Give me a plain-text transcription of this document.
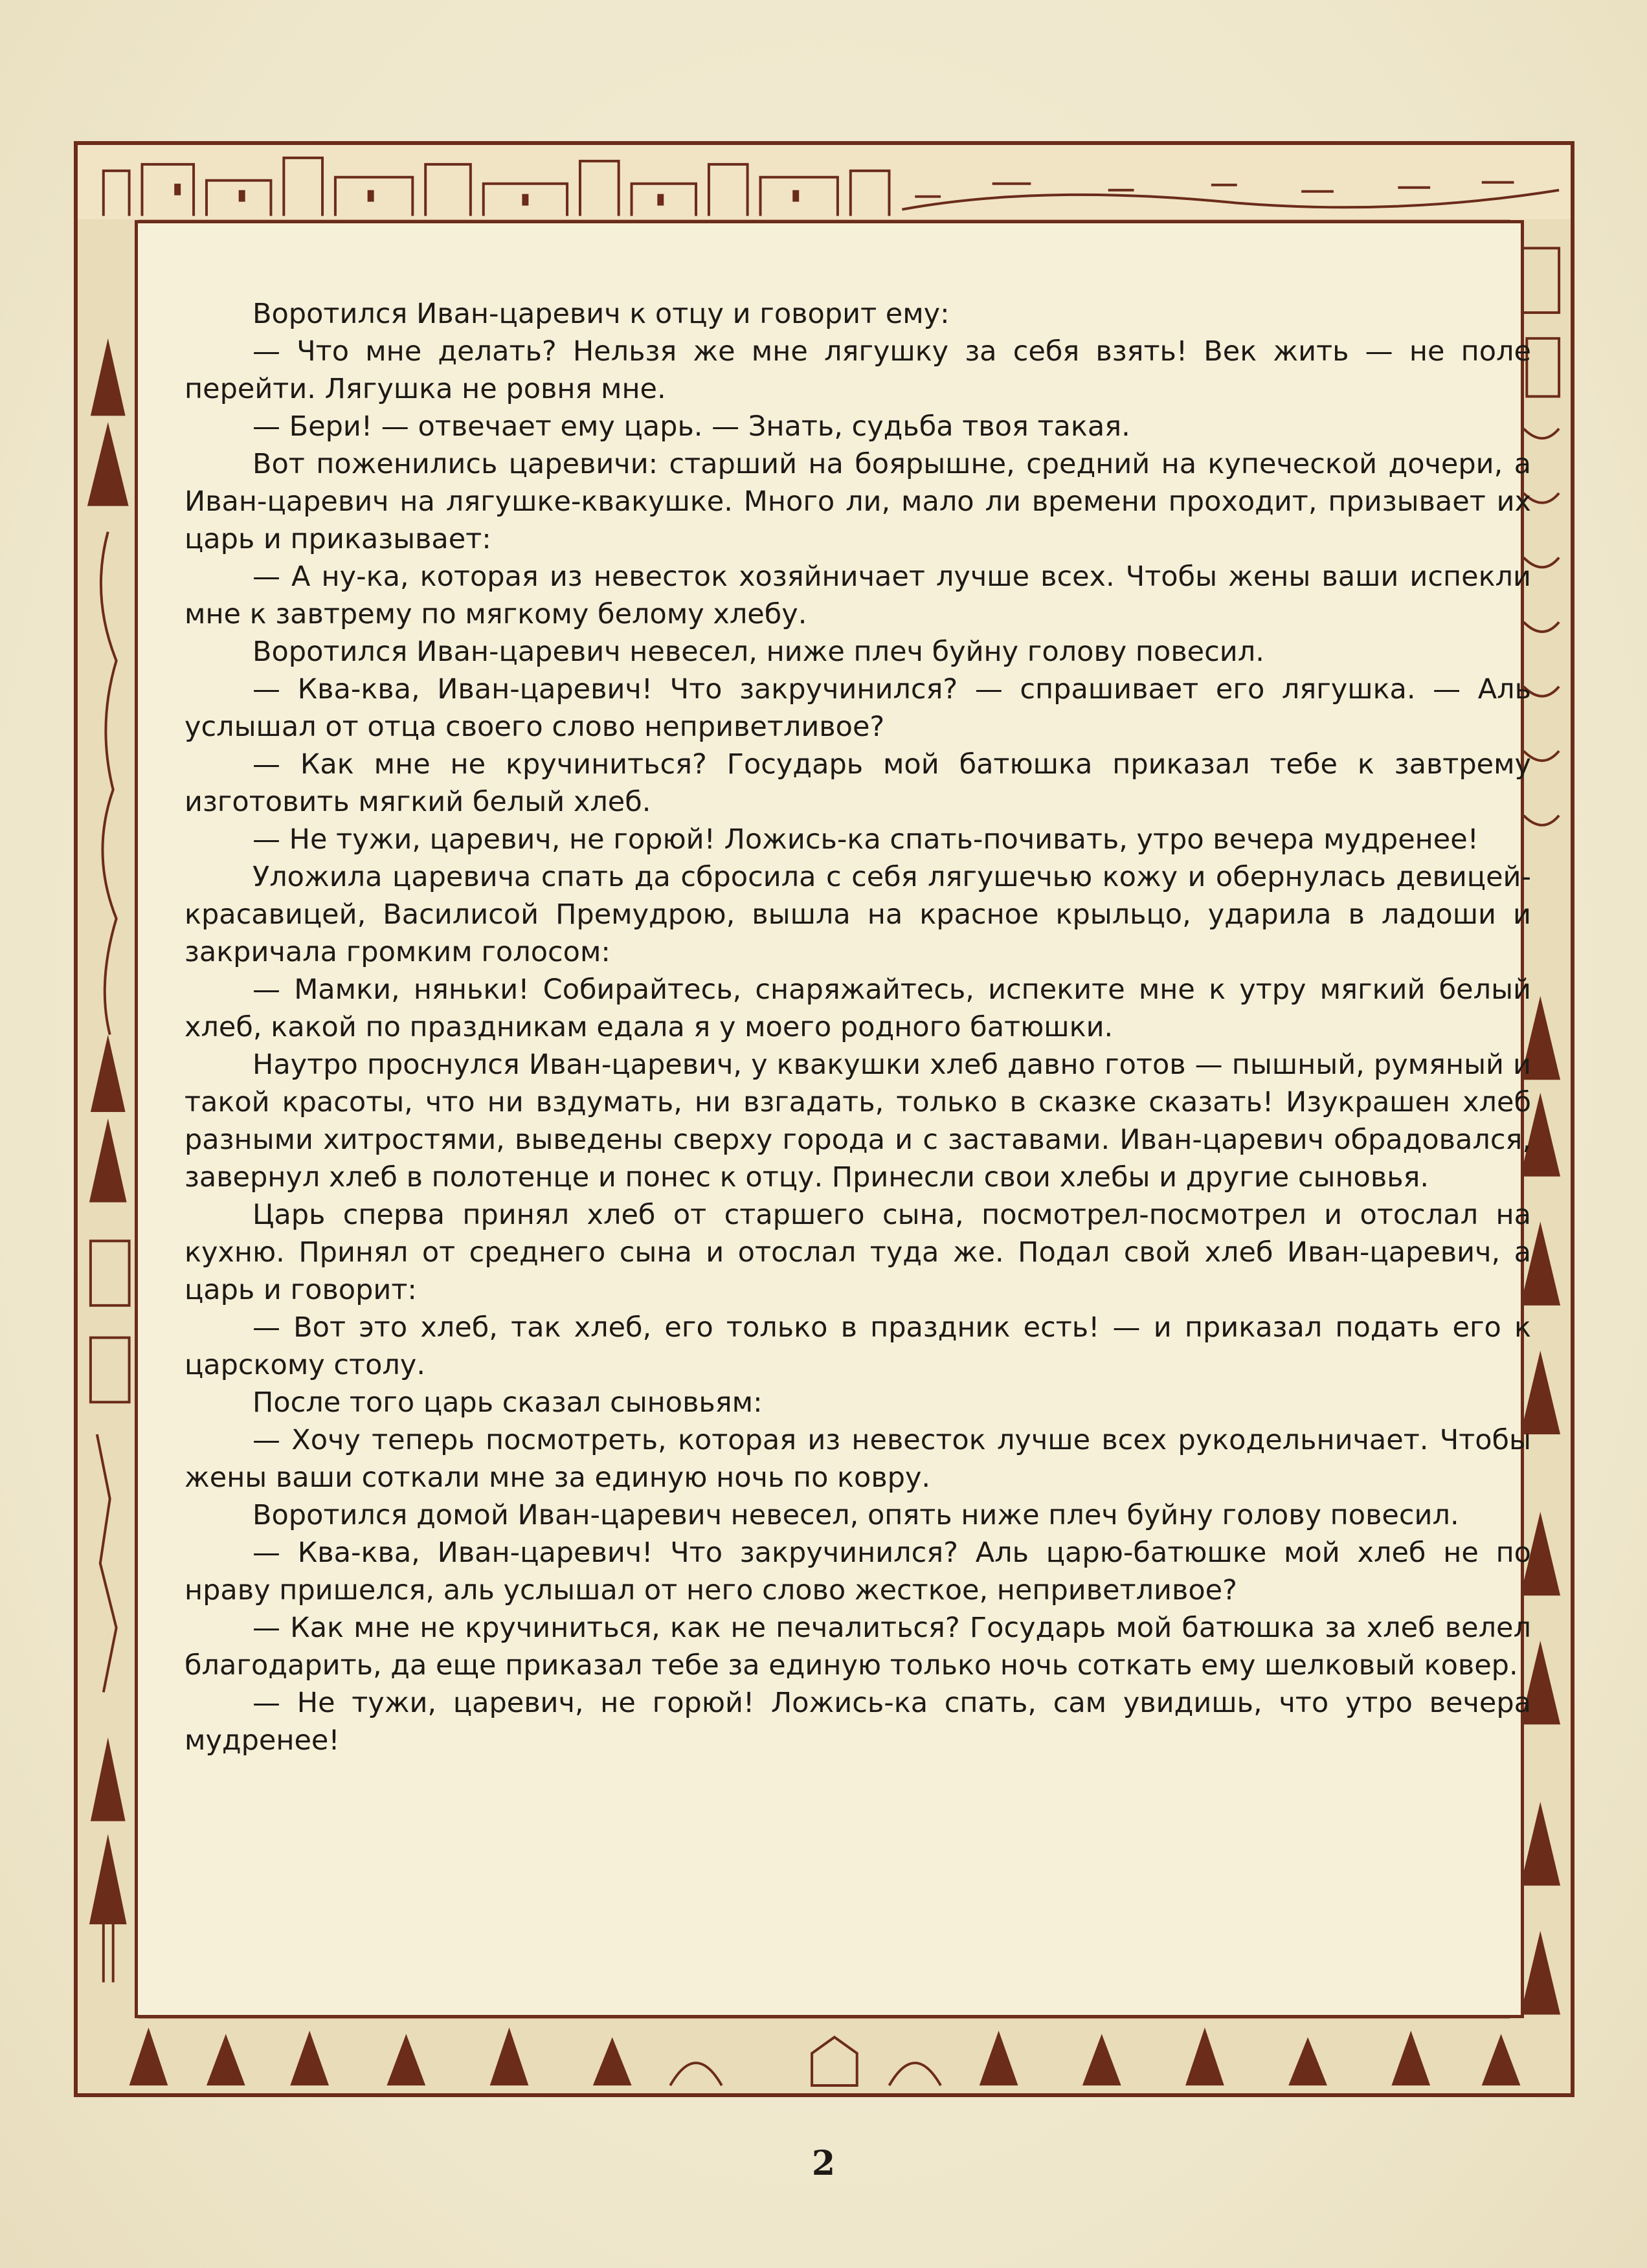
Воротился Иван-царевич к отцу и говорит ему:

— Что мне делать? Нельзя же мне лягушку за себя взять! Век жить — не поле перейти. Лягушка не ровня мне.

— Бери! — отвечает ему царь. — Знать, судьба твоя такая.

Вот поженились царевичи: старший на боярышне, средний на купеческой дочери, а Иван-царевич на лягушке-квакушке. Много ли, мало ли времени проходит, призывает их царь и приказывает:

— А ну-ка, которая из невесток хозяйничает лучше всех. Чтобы жены ваши испекли мне к завтрему по мягкому белому хлебу.

Воротился Иван-царевич невесел, ниже плеч буйну голову повесил.

— Ква-ква, Иван-царевич! Что закручинился? — спрашивает его лягушка. — Аль услышал от отца своего слово неприветливое?

— Как мне не кручиниться? Государь мой батюшка приказал тебе к завтрему изготовить мягкий белый хлеб.

— Не тужи, царевич, не горюй! Ложись-ка спать-почивать, утро вечера мудренее!

Уложила царевича спать да сбросила с себя лягушечью кожу и обернулась девицей-красавицей, Василисой Премудрою, вышла на красное крыльцо, ударила в ладоши и закричала громким голосом:

— Мамки, няньки! Собирайтесь, снаряжайтесь, испеките мне к утру мягкий белый хлеб, какой по праздникам едала я у моего родного батюшки.

Наутро проснулся Иван-царевич, у квакушки хлеб давно готов — пышный, румяный и такой красоты, что ни вздумать, ни взгадать, только в сказке сказать! Изукрашен хлеб разными хитростями, выведены сверху города и с заставами. Иван-царевич обрадовался, завернул хлеб в полотенце и понес к отцу. Принесли свои хлебы и другие сыновья.

Царь сперва принял хлеб от старшего сына, посмотрел-посмотрел и отослал на кухню. Принял от среднего сына и отослал туда же. Подал свой хлеб Иван-царевич, а царь и говорит:

— Вот это хлеб, так хлеб, его только в праздник есть! — и приказал подать его к царскому столу.

После того царь сказал сыновьям:

— Хочу теперь посмотреть, которая из невесток лучше всех рукодельничает. Чтобы жены ваши соткали мне за единую ночь по ковру.

Воротился домой Иван-царевич невесел, опять ниже плеч буйну голову повесил.

— Ква-ква, Иван-царевич! Что закручинился? Аль царю-батюшке мой хлеб не по нраву пришелся, аль услышал от него слово жесткое, неприветливое?

— Как мне не кручиниться, как не печалиться? Государь мой батюшка за хлеб велел благодарить, да еще приказал тебе за единую только ночь соткать ему шелковый ковер.

— Не тужи, царевич, не горюй! Ложись-ка спать, сам увидишь, что утро вечера мудренее!

2
